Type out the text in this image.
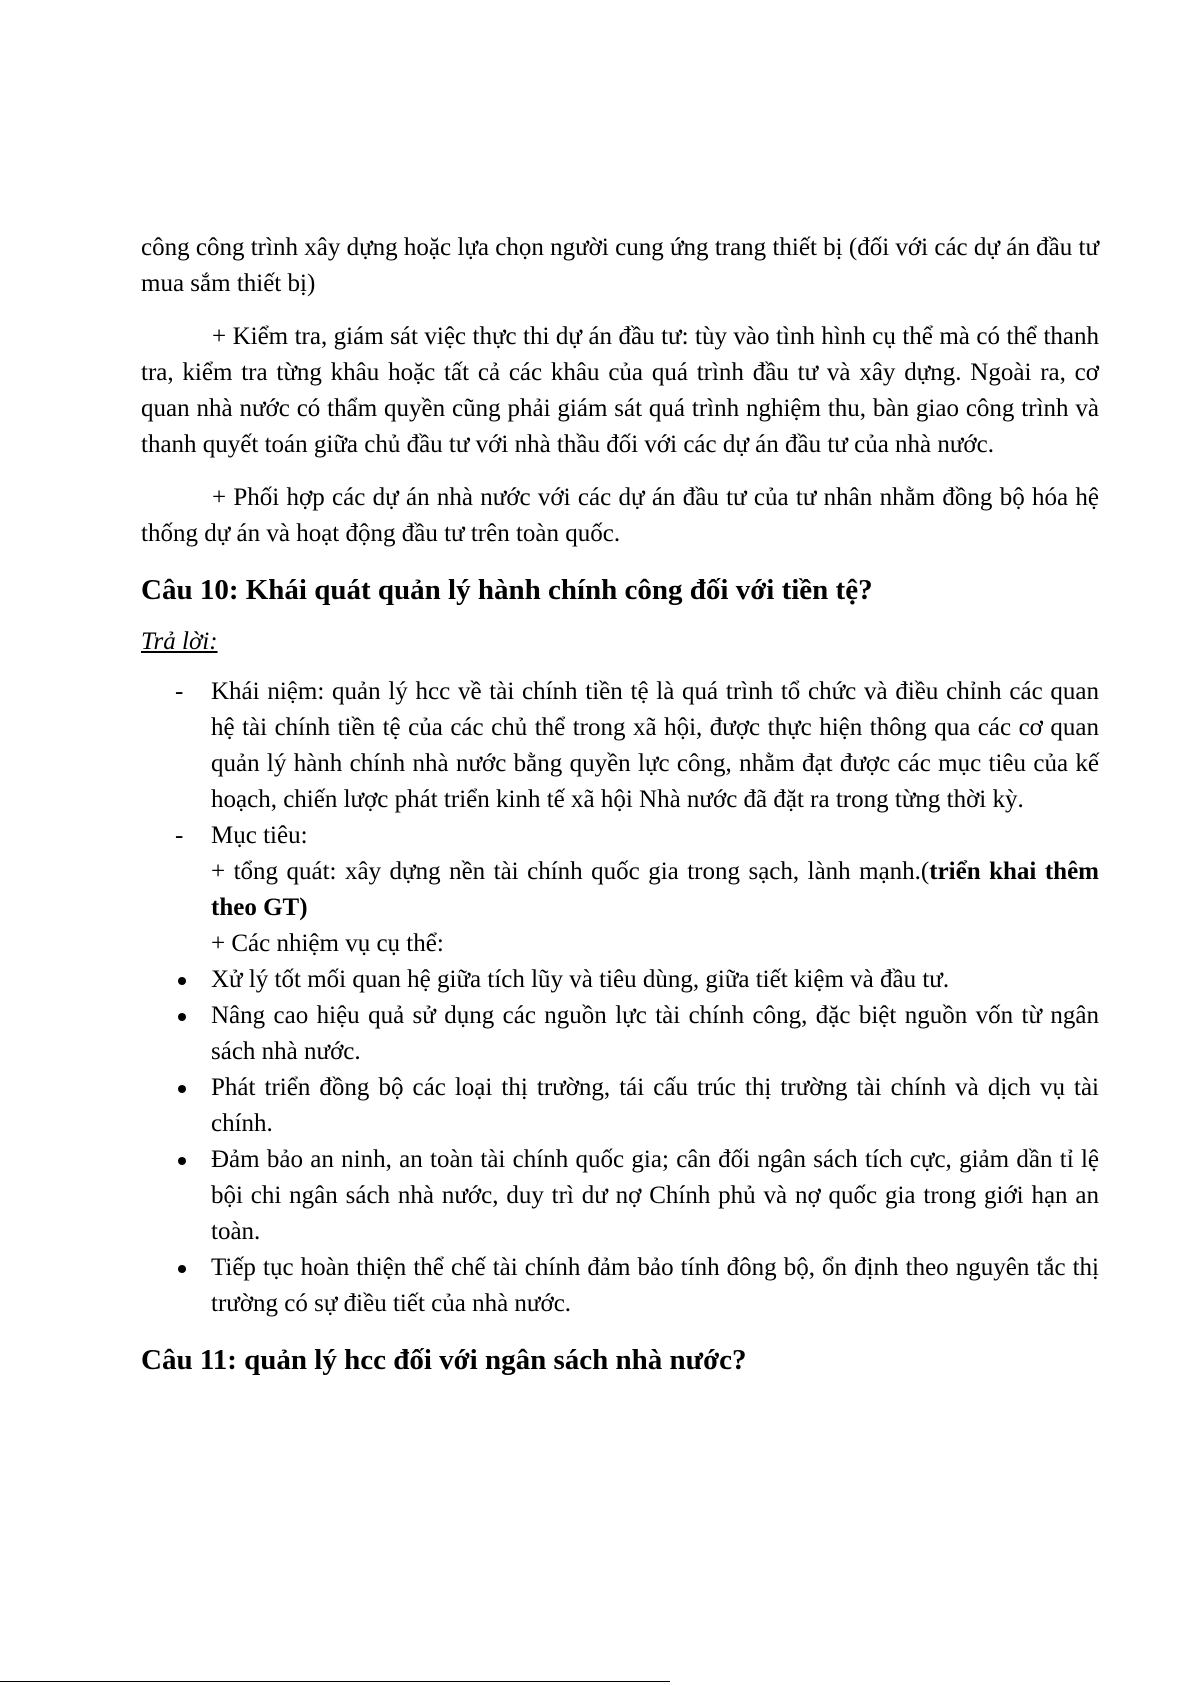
công công trình xây dựng hoặc lựa chọn người cung ứng trang thiết bị (đối với các dự án đầu tư mua sắm thiết bị)

+ Kiểm tra, giám sát việc thực thi dự án đầu tư: tùy vào tình hình cụ thể mà có thể thanh tra, kiểm tra từng khâu hoặc tất cả các khâu của quá trình đầu tư và xây dựng. Ngoài ra, cơ quan nhà nước có thẩm quyền cũng phải giám sát quá trình nghiệm thu, bàn giao công trình và thanh quyết toán giữa chủ đầu tư với nhà thầu đối với các dự án đầu tư của nhà nước.

+ Phối hợp các dự án nhà nước với các dự án đầu tư của tư nhân nhằm đồng bộ hóa hệ thống dự án và hoạt động đầu tư trên toàn quốc.

Câu 10: Khái quát quản lý hành chính công đối với tiền tệ?
Trả lời:
- Khái niệm: quản lý hcc về tài chính tiền tệ là quá trình tổ chức và điều chỉnh các quan hệ tài chính tiền tệ của các chủ thể trong xã hội, được thực hiện thông qua các cơ quan quản lý hành chính nhà nước bằng quyền lực công, nhằm đạt được các mục tiêu của kế hoạch, chiến lược phát triển kinh tế xã hội Nhà nước đã đặt ra trong từng thời kỳ.
- Mục tiêu:
+ tổng quát: xây dựng nền tài chính quốc gia trong sạch, lành mạnh.(triển khai thêm theo GT)
+ Các nhiệm vụ cụ thể:
Xử lý tốt mối quan hệ giữa tích lũy và tiêu dùng, giữa tiết kiệm và đầu tư.
Nâng cao hiệu quả sử dụng các nguồn lực tài chính công, đặc biệt nguồn vốn từ ngân sách nhà nước.
Phát triển đồng bộ các loại thị trường, tái cấu trúc thị trường tài chính và dịch vụ tài chính.
Đảm bảo an ninh, an toàn tài chính quốc gia; cân đối ngân sách tích cực, giảm dần tỉ lệ bội chi ngân sách nhà nước, duy trì dư nợ Chính phủ và nợ quốc gia trong giới hạn an toàn.
Tiếp tục hoàn thiện thể chế tài chính đảm bảo tính đông bộ, ổn định theo nguyên tắc thị trường có sự điều tiết của nhà nước.
Câu 11: quản lý hcc đối với ngân sách nhà nước?
